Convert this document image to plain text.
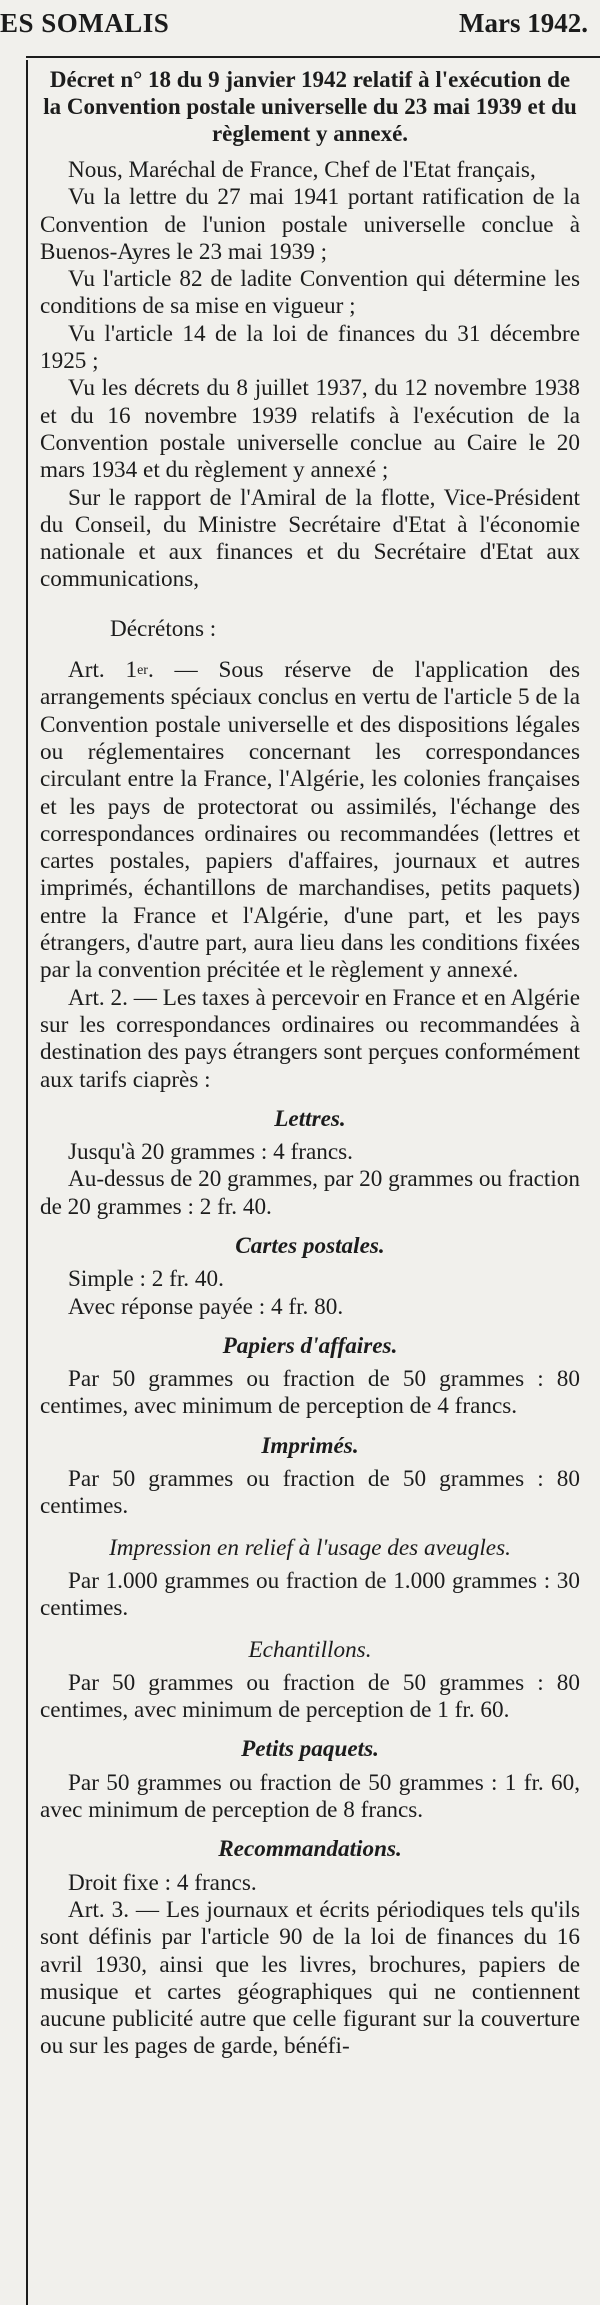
ES SOMALIS	Mars 1942.
Décret n° 18 du 9 janvier 1942 relatif à l'exécution de la Convention postale universelle du 23 mai 1939 et du règlement y annexé.

Nous, Maréchal de France, Chef de l'Etat français,

Vu la lettre du 27 mai 1941 portant ratification de la Convention de l'union postale universelle conclue à Buenos-Ayres le 23 mai 1939 ;

Vu l'article 82 de ladite Convention qui détermine les conditions de sa mise en vigueur ;

Vu l'article 14 de la loi de finances du 31 décembre 1925 ;

Vu les décrets du 8 juillet 1937, du 12 novembre 1938 et du 16 novembre 1939 relatifs à l'exécution de la Convention postale universelle conclue au Caire le 20 mars 1934 et du règlement y annexé ;

Sur le rapport de l'Amiral de la flotte, Vice-Président du Conseil, du Ministre Secrétaire d'Etat à l'économie nationale et aux finances et du Secrétaire d'Etat aux communications,

Décrétons :

Art. 1er. — Sous réserve de l'application des arrangements spéciaux conclus en vertu de l'article 5 de la Convention postale universelle et des dispositions légales ou réglementaires concernant les correspondances circulant entre la France, l'Algérie, les colonies françaises et les pays de protectorat ou assimilés, l'échange des correspondances ordinaires ou recommandées (lettres et cartes postales, papiers d'affaires, journaux et autres imprimés, échantillons de marchandises, petits paquets) entre la France et l'Algérie, d'une part, et les pays étrangers, d'autre part, aura lieu dans les conditions fixées par la convention précitée et le règlement y annexé.

Art. 2. — Les taxes à percevoir en France et en Algérie sur les correspondances ordinaires ou recommandées à destination des pays étrangers sont perçues conformément aux tarifs ciaprès :

Lettres.

Jusqu'à 20 grammes : 4 francs.

Au-dessus de 20 grammes, par 20 grammes ou fraction de 20 grammes : 2 fr. 40.

Cartes postales.

Simple : 2 fr. 40.

Avec réponse payée : 4 fr. 80.

Papiers d'affaires.

Par 50 grammes ou fraction de 50 grammes : 80 centimes, avec minimum de perception de 4 francs.

Imprimés.

Par 50 grammes ou fraction de 50 grammes : 80 centimes.

Impression en relief à l'usage des aveugles.

Par 1.000 grammes ou fraction de 1.000 grammes : 30 centimes.

Echantillons.

Par 50 grammes ou fraction de 50 grammes : 80 centimes, avec minimum de perception de 1 fr. 60.

Petits paquets.

Par 50 grammes ou fraction de 50 grammes : 1 fr. 60, avec minimum de perception de 8 francs.

Recommandations.

Droit fixe : 4 francs.

Art. 3. — Les journaux et écrits périodiques tels qu'ils sont définis par l'article 90 de la loi de finances du 16 avril 1930, ainsi que les livres, brochures, papiers de musique et cartes géographiques qui ne contiennent aucune publicité autre que celle figurant sur la couverture ou sur les pages de garde, bénéfi-
